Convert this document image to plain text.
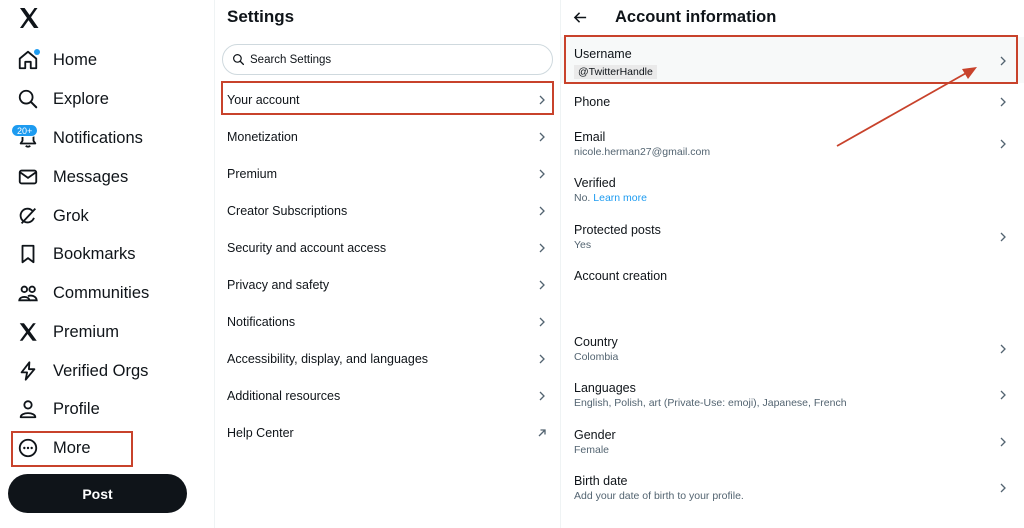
Home
Explore
Notifications
20+
Messages
Grok
Bookmarks
Communities
Premium
Verified Orgs
Profile
More
Post
Settings
Search Settings
Your account
Monetization
Premium
Creator Subscriptions
Security and account access
Privacy and safety
Notifications
Accessibility, display, and languages
Additional resources
Help Center
Account information
Username
@TwitterHandle
Phone
Email
nicole.herman27@gmail.com
Verified
No. Learn more
Protected posts
Yes
Account creation
Country
Colombia
Languages
English, Polish, art (Private-Use: emoji), Japanese, French
Gender
Female
Birth date
Add your date of birth to your profile.
